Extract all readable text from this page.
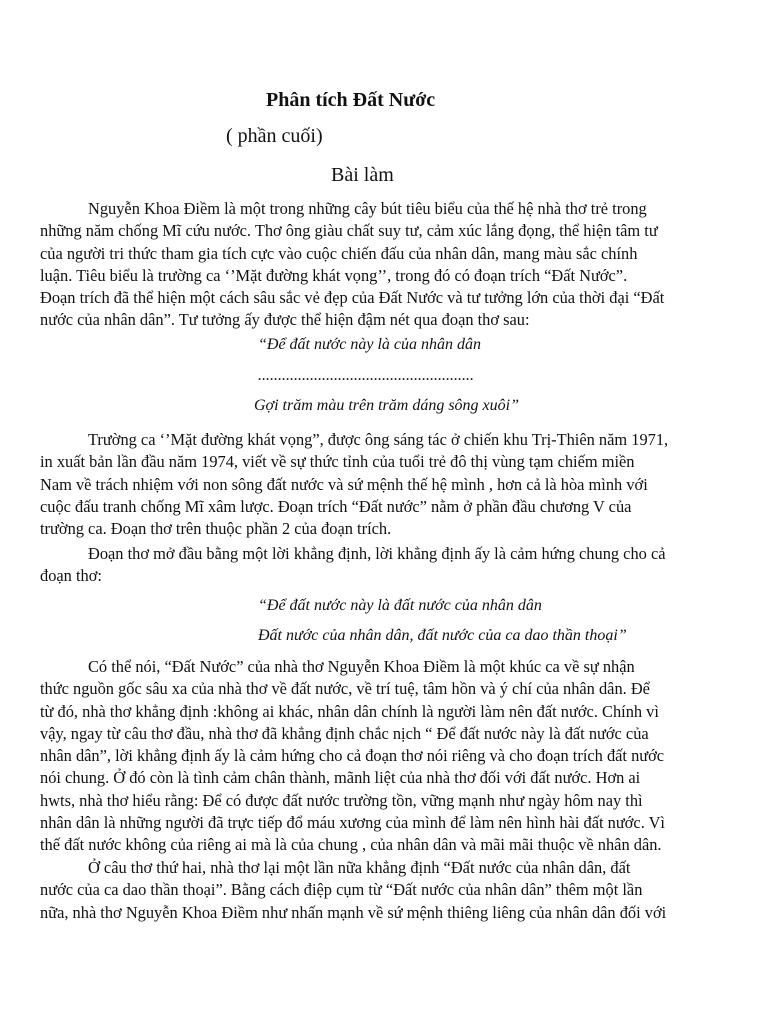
Phân tích Đất Nước
( phần cuối)
Bài làm

Nguyễn Khoa Điềm là một trong những cây bút tiêu biểu của thế hệ nhà thơ trẻ trong
những năm chống Mĩ cứu nước. Thơ ông giàu chất suy tư, cảm xúc lắng đọng, thể hiện tâm tư
của người tri thức tham gia tích cực vào cuộc chiến đấu của nhân dân, mang màu sắc chính
luận. Tiêu biểu là trường ca ‘’Mặt đường khát vọng’’, trong đó có đoạn trích “Đất Nước”.
Đoạn trích đã thể hiện một cách sâu sắc vẻ đẹp của Đất Nước và tư tưởng lớn của thời đại “Đất
nước của nhân dân”. Tư tưởng ấy được thể hiện đậm nét qua đoạn thơ sau:

“Để đất nước này là của nhân dân
......................................................
Gợi trăm màu trên trăm dáng sông xuôi”

Trường ca ‘’Mặt đường khát vọng”, được ông sáng tác ở chiến khu Trị-Thiên năm 1971,
in xuất bản lần đầu năm 1974, viết về sự thức tỉnh của tuổi trẻ đô thị vùng tạm chiếm miền
Nam về trách nhiệm với non sông đất nước và sứ mệnh thế hệ mình , hơn cả là hòa mình với
cuộc đấu tranh chống Mĩ xâm lược. Đoạn trích “Đất nước” nằm ở phần đầu chương V của
trường ca. Đoạn thơ trên thuộc phần 2 của đoạn trích.

Đoạn thơ mở đầu bằng một lời khẳng định, lời khẳng định ấy là cảm hứng chung cho cả
đoạn thơ:

“Để đất nước này là đất nước của nhân dân
Đất nước của nhân dân, đất nước của ca dao thần thoại”

Có thể nói, “Đất Nước” của nhà thơ Nguyễn Khoa Điềm là một khúc ca về sự nhận
thức nguồn gốc sâu xa của nhà thơ về đất nước, về trí tuệ, tâm hồn và ý chí của nhân dân. Để
từ đó, nhà thơ khẳng định :không ai khác, nhân dân chính là người làm nên đất nước. Chính vì
vậy, ngay từ câu thơ đầu, nhà thơ đã khẳng định chắc nịch “ Để đất nước này là đất nước của
nhân dân”, lời khẳng định ấy là cảm hứng cho cả đoạn thơ nói riêng và cho đoạn trích đất nước
nói chung. Ở đó còn là tình cảm chân thành, mãnh liệt của nhà thơ đối với đất nước. Hơn ai
hwts, nhà thơ hiểu rằng: Để có được đất nước trường tồn, vững mạnh như ngày hôm nay thì
nhân dân là những người đã trực tiếp đổ máu xương của mình để làm nên hình hài đất nước. Vì
thế đất nước không của riêng ai mà là của chung , của nhân dân và mãi mãi thuộc về nhân dân.

Ở câu thơ thứ hai, nhà thơ lại một lần nữa khẳng định “Đất nước của nhân dân, đất
nước của ca dao thần thoại”. Bằng cách điệp cụm từ “Đất nước của nhân dân” thêm một lần
nữa, nhà thơ Nguyễn Khoa Điềm như nhấn mạnh về sứ mệnh thiêng liêng của nhân dân đối với
